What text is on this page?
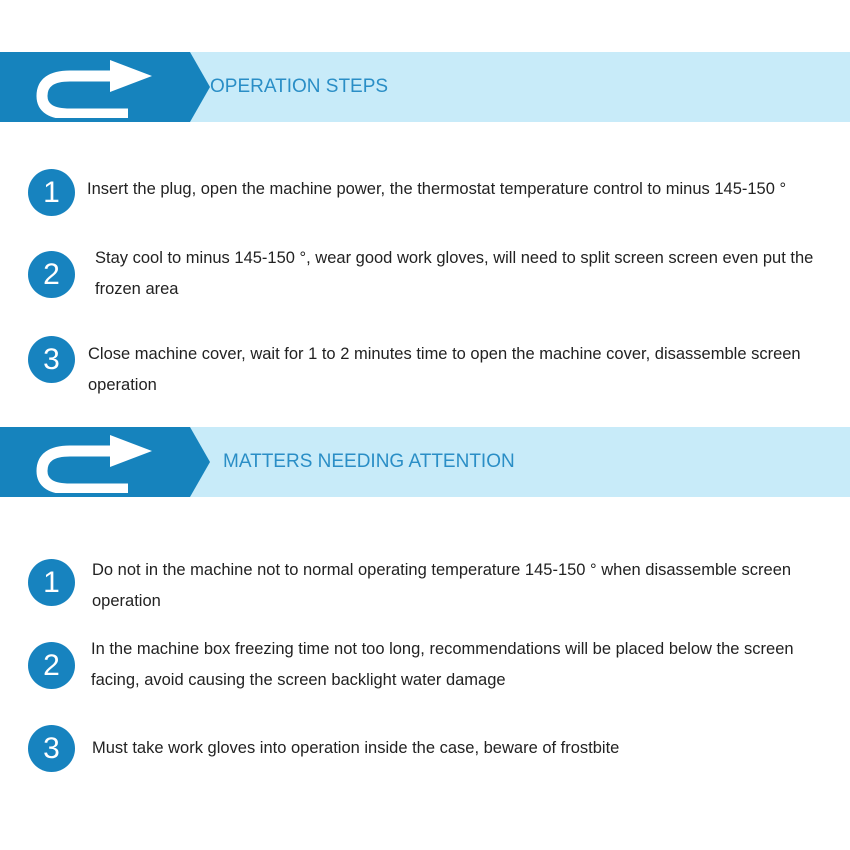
OPERATION STEPS
1	Insert the plug, open the machine power, the thermostat temperature control to minus 145-150 °
2	Stay cool to minus 145-150 °, wear good work gloves, will need to split screen screen even put the frozen area
3	Close machine cover, wait for 1 to 2 minutes time to open the machine cover, disassemble screen operation
MATTERS NEEDING ATTENTION
1	Do not in the machine not to normal operating temperature 145-150 ° when disassemble screen operation
2	In the machine box freezing time not too long, recommendations will be placed below the screen facing, avoid causing the screen backlight water damage
3	Must take work gloves into operation inside the case, beware of frostbite
